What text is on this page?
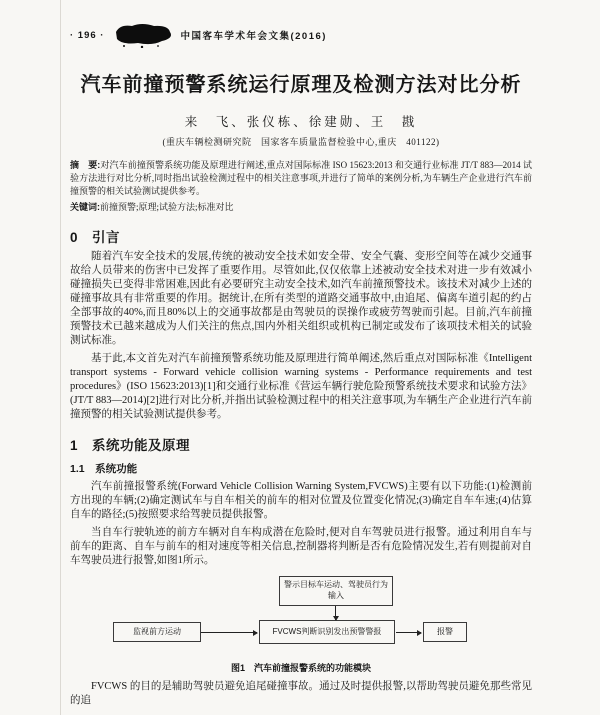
· 196 ·	中国客车学术年会文集(2016)
汽车前撞预警系统运行原理及检测方法对比分析
来　飞、张仪栋、徐建勋、王　戡
(重庆车辆检测研究院　国家客车质量监督检验中心,重庆　401122)

摘　要:对汽车前撞预警系统功能及原理进行阐述,重点对国际标准 ISO 15623:2013 和交通行业标准 JT/T 883—2014 试验方法进行对比分析,同时指出试验检测过程中的相关注意事项,并进行了简单的案例分析,为车辆生产企业进行汽车前撞预警的相关试验测试提供参考。

关键词:前撞预警;原理;试验方法;标准对比

0　引言

随着汽车安全技术的发展,传统的被动安全技术如安全带、安全气囊、变形空间等在减少交通事故给人员带来的伤害中已发挥了重要作用。尽管如此,仅仅依靠上述被动安全技术对进一步有效减小碰撞损失已变得非常困难,因此有必要研究主动安全技术,如汽车前撞预警技术。该技术对减少上述的碰撞事故具有非常重要的作用。据统计,在所有类型的道路交通事故中,由追尾、偏离车道引起的约占全部事故的40%,而且80%以上的交通事故都是由驾驶员的误操作或疲劳驾驶而引起。目前,汽车前撞预警技术已越来越成为人们关注的焦点,国内外相关组织或机构已制定或发布了该项技术相关的试验测试标准。

基于此,本文首先对汽车前撞预警系统功能及原理进行简单阐述,然后重点对国际标准《Intelligent transport systems - Forward vehicle collision warning systems - Performance requirements and test procedures》(ISO 15623:2013)[1]和交通行业标准《营运车辆行驶危险预警系统技术要求和试验方法》(JT/T 883—2014)[2]进行对比分析,并指出试验检测过程中的相关注意事项,为车辆生产企业进行汽车前撞预警的相关试验测试提供参考。

1　系统功能及原理
1.1　系统功能

汽车前撞报警系统(Forward Vehicle Collision Warning System,FVCWS)主要有以下功能:(1)检测前方出现的车辆;(2)确定测试车与自车相关的前车的相对位置及位置变化情况;(3)确定自车车速;(4)估算自车的路径;(5)按照要求给驾驶员提供报警。

当自车行驶轨迹的前方车辆对自车构成潜在危险时,便对自车驾驶员进行报警。通过利用自车与前车的距离、自车与前车的相对速度等相关信息,控制器将判断是否有危险情况发生,若有则提前对自车驾驶员进行报警,如图1所示。

警示目标车运动、驾驶员行为输入
监视前方运动	FVCWS判断识别发出预警警报	报警
图1　汽车前撞报警系统的功能模块

FVCWS 的目的是辅助驾驶员避免追尾碰撞事故。通过及时提供报警,以帮助驾驶员避免那些常见的追
